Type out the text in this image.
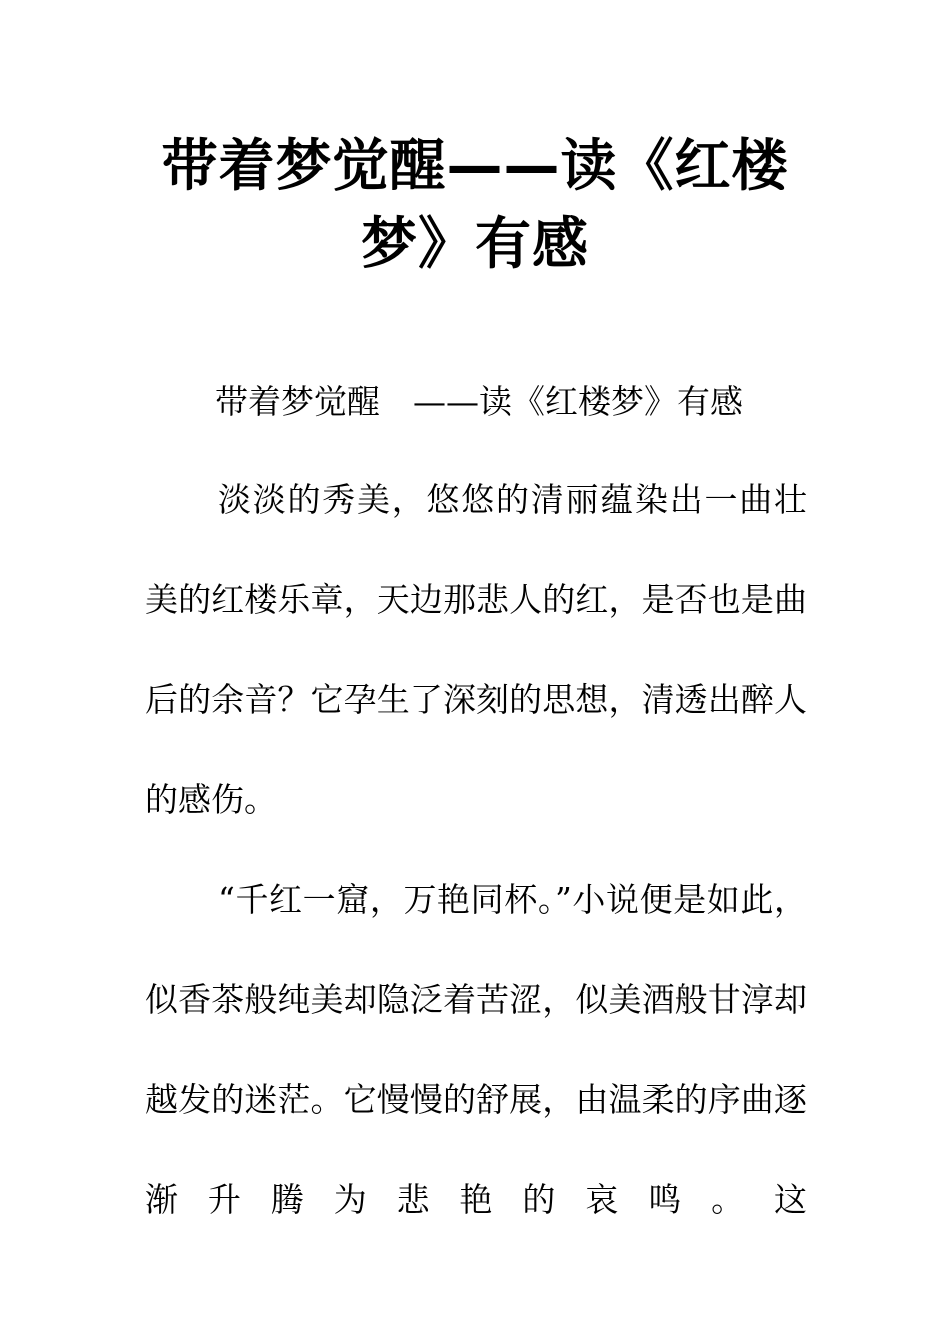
带着梦觉醒——读《红楼梦》有感

带着梦觉醒　——读《红楼梦》有感

淡淡的秀美，悠悠的清丽蕴染出一曲壮美的红楼乐章，天边那悲人的红，是否也是曲后的余音？它孕生了深刻的思想，清透出醉人的感伤。

“千红一窟，万艳同杯。”小说便是如此，似香茶般纯美却隐泛着苦涩，似美酒般甘淳却越发的迷茫。它慢慢的舒展，由温柔的序曲逐渐升腾为悲艳的哀鸣。这
